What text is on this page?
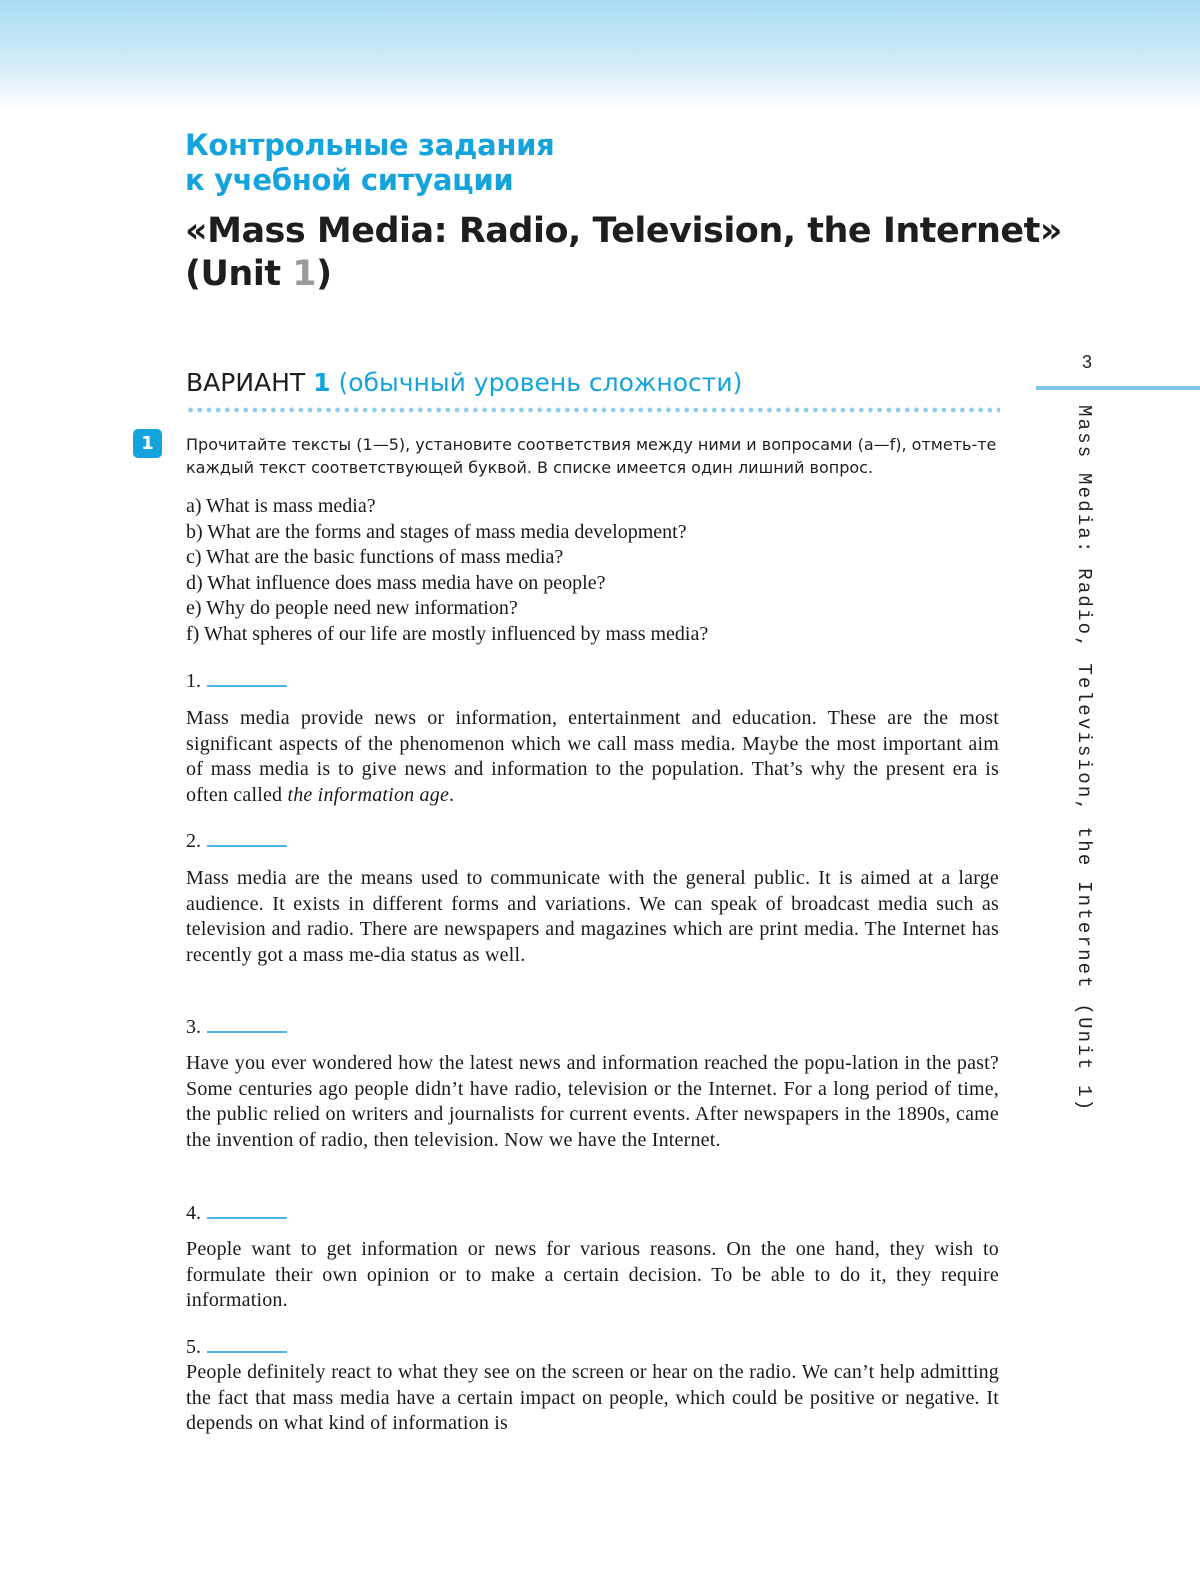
Контрольные задания
к учебной ситуации
«Mass Media: Radio, Television, the Internet»
(Unit 1)
3
Mass Media: Radio, Television, the Internet (Unit 1)
ВАРИАНТ 1 (обычный уровень сложности)
1	Прочитайте тексты (1—5), установите соответствия между ними и вопросами (a—f), отметь-те каждый текст соответствующей буквой. В списке имеется один лишний вопрос.

a) What is mass media?
b) What are the forms and stages of mass media development?
c) What are the basic functions of mass media?
d) What influence does mass media have on people?
e) Why do people need new information?
f) What spheres of our life are mostly influenced by mass media?
1.

Mass media provide news or information, entertainment and education. These are the most significant aspects of the phenomenon which we call mass media. Maybe the most important aim of mass media is to give news and information to the population. That’s why the present era is often called the information age.

2.

Mass media are the means used to communicate with the general public. It is aimed at a large audience. It exists in different forms and variations. We can speak of broadcast media such as television and radio. There are newspapers and magazines which are print media. The Internet has recently got a mass me-dia status as well.

3.

Have you ever wondered how the latest news and information reached the popu-lation in the past? Some centuries ago people didn’t have radio, television or the Internet. For a long period of time, the public relied on writers and journalists for current events. After newspapers in the 1890s, came the invention of radio, then television. Now we have the Internet.

4.

People want to get information or news for various reasons. On the one hand, they wish to formulate their own opinion or to make a certain decision. To be able to do it, they require information.

5.

People definitely react to what they see on the screen or hear on the radio. We can’t help admitting the fact that mass media have a certain impact on people, which could be positive or negative. It depends on what kind of information is
